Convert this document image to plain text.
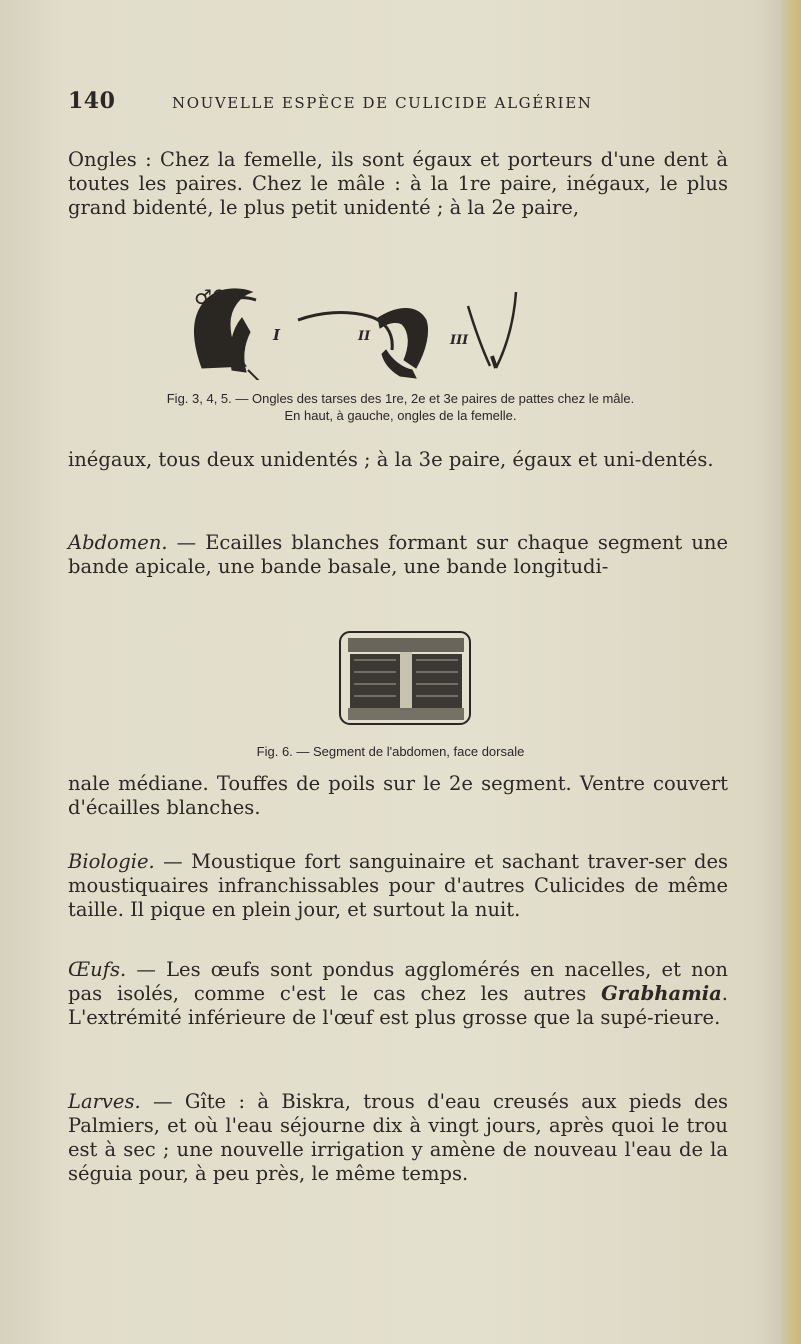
140	NOUVELLE ESPÈCE DE CULICIDE ALGÉRIEN

Ongles : Chez la femelle, ils sont égaux et porteurs d'une dent à toutes les paires. Chez le mâle : à la 1re paire, inégaux, le plus grand bidenté, le plus petit unidenté ; à la 2e paire,

♂
♂♀
I	II	III
Fig. 3, 4, 5. — Ongles des tarses des 1re, 2e et 3e paires de pattes chez le mâle.
En haut, à gauche, ongles de la femelle.

inégaux, tous deux unidentés ; à la 3e paire, égaux et uni-dentés.

Abdomen. — Ecailles blanches formant sur chaque segment une bande apicale, une bande basale, une bande longitudi-

Fig. 6. — Segment de l'abdomen, face dorsale

nale médiane. Touffes de poils sur le 2e segment. Ventre couvert d'écailles blanches.

Biologie. — Moustique fort sanguinaire et sachant traver-ser des moustiquaires infranchissables pour d'autres Culicides de même taille. Il pique en plein jour, et surtout la nuit.

Œufs. — Les œufs sont pondus agglomérés en nacelles, et non pas isolés, comme c'est le cas chez les autres Grabhamia. L'extrémité inférieure de l'œuf est plus grosse que la supé-rieure.

Larves. — Gîte : à Biskra, trous d'eau creusés aux pieds des Palmiers, et où l'eau séjourne dix à vingt jours, après quoi le trou est à sec ; une nouvelle irrigation y amène de nouveau l'eau de la séguia pour, à peu près, le même temps.
